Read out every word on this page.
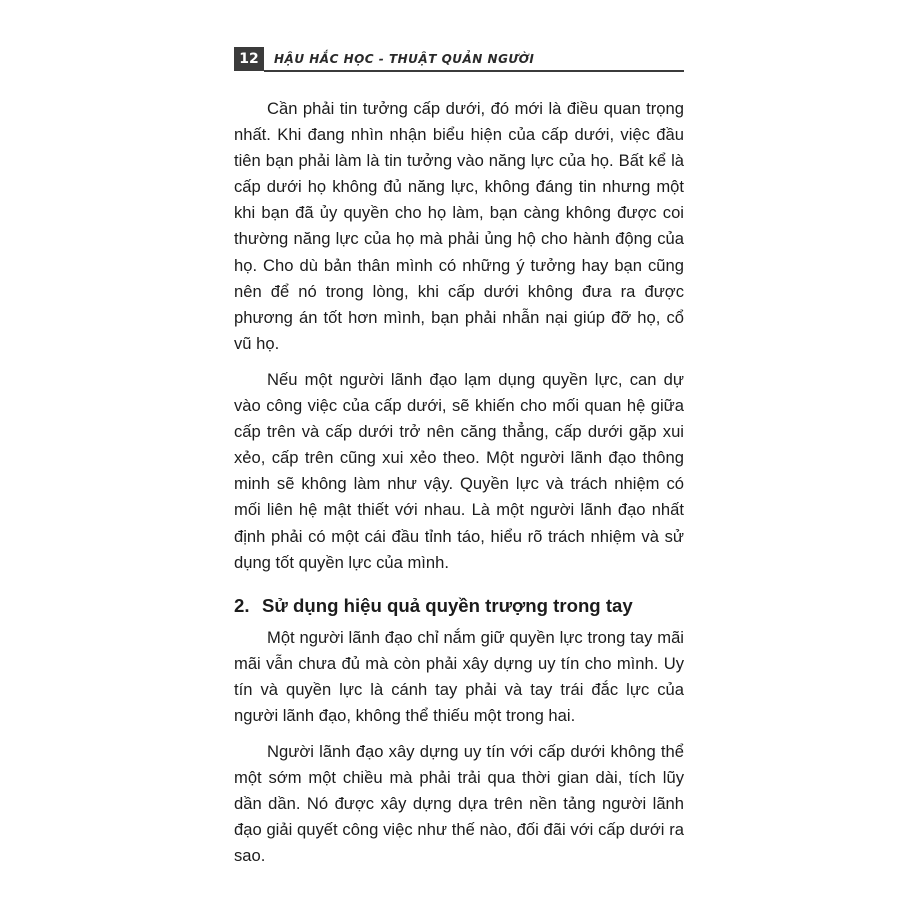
12	HẬU HẮC HỌC - THUẬT QUẢN NGƯỜI

Cần phải tin tưởng cấp dưới, đó mới là điều quan trọng nhất. Khi đang nhìn nhận biểu hiện của cấp dưới, việc đầu tiên bạn phải làm là tin tưởng vào năng lực của họ. Bất kể là cấp dưới họ không đủ năng lực, không đáng tin nhưng một khi bạn đã ủy quyền cho họ làm, bạn càng không được coi thường năng lực của họ mà phải ủng hộ cho hành động của họ. Cho dù bản thân mình có những ý tưởng hay bạn cũng nên để nó trong lòng, khi cấp dưới không đưa ra được phương án tốt hơn mình, bạn phải nhẫn nại giúp đỡ họ, cổ vũ họ.

Nếu một người lãnh đạo lạm dụng quyền lực, can dự vào công việc của cấp dưới, sẽ khiến cho mối quan hệ giữa cấp trên và cấp dưới trở nên căng thẳng, cấp dưới gặp xui xẻo, cấp trên cũng xui xẻo theo. Một người lãnh đạo thông minh sẽ không làm như vậy. Quyền lực và trách nhiệm có mối liên hệ mật thiết với nhau. Là một người lãnh đạo nhất định phải có một cái đầu tỉnh táo, hiểu rõ trách nhiệm và sử dụng tốt quyền lực của mình.

2. Sử dụng hiệu quả quyền trượng trong tay

Một người lãnh đạo chỉ nắm giữ quyền lực trong tay mãi mãi vẫn chưa đủ mà còn phải xây dựng uy tín cho mình. Uy tín và quyền lực là cánh tay phải và tay trái đắc lực của người lãnh đạo, không thể thiếu một trong hai.

Người lãnh đạo xây dựng uy tín với cấp dưới không thể một sớm một chiều mà phải trải qua thời gian dài, tích lũy dần dần. Nó được xây dựng dựa trên nền tảng người lãnh đạo giải quyết công việc như thế nào, đối đãi với cấp dưới ra sao.
